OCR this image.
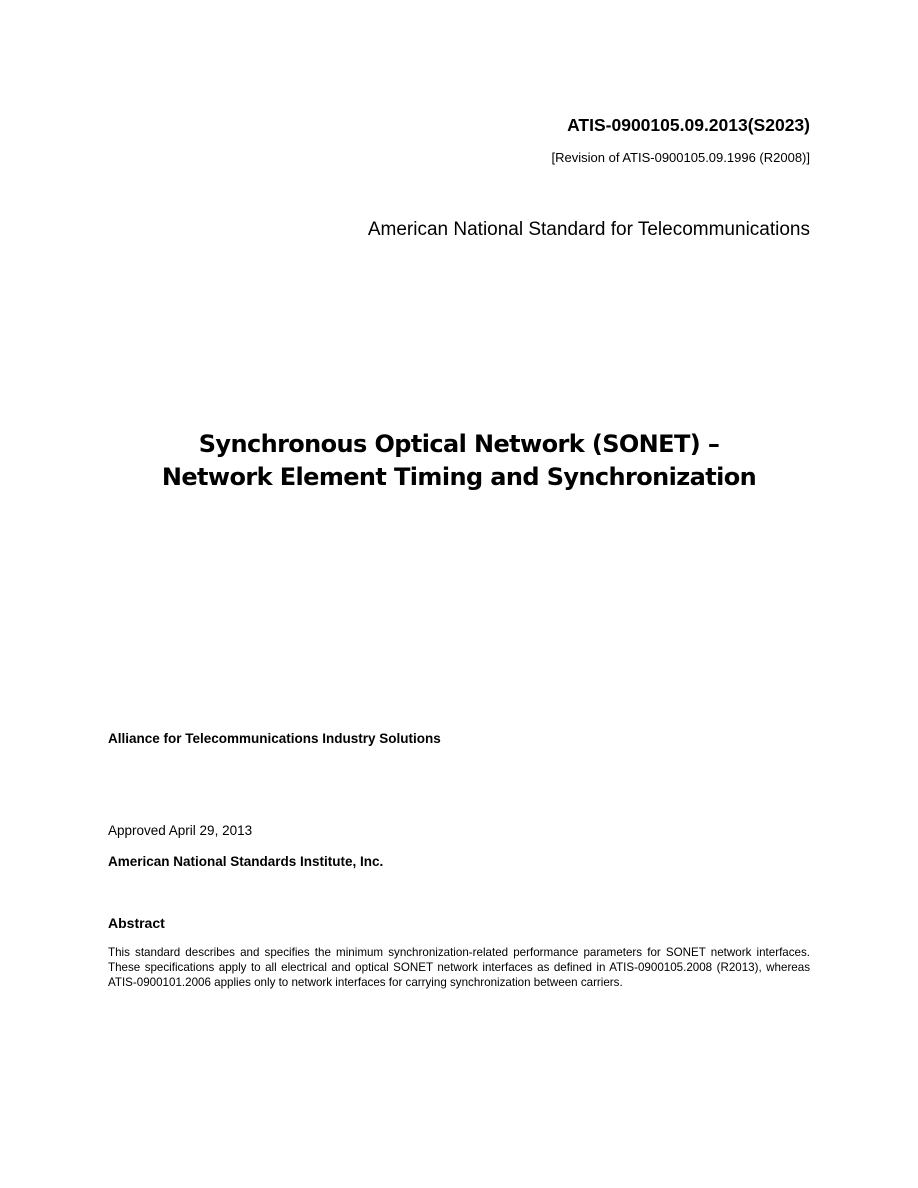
ATIS-0900105.09.2013(S2023)
[Revision of ATIS-0900105.09.1996 (R2008)]
American National Standard for Telecommunications
Synchronous Optical Network (SONET) –
Network Element Timing and Synchronization
Alliance for Telecommunications Industry Solutions
Approved April 29, 2013
American National Standards Institute, Inc.
Abstract
This standard describes and specifies the minimum synchronization-related performance parameters for SONET network interfaces. These specifications apply to all electrical and optical SONET network interfaces as defined in ATIS-0900105.2008 (R2013), whereas ATIS-0900101.2006 applies only to network interfaces for carrying synchronization between carriers.
